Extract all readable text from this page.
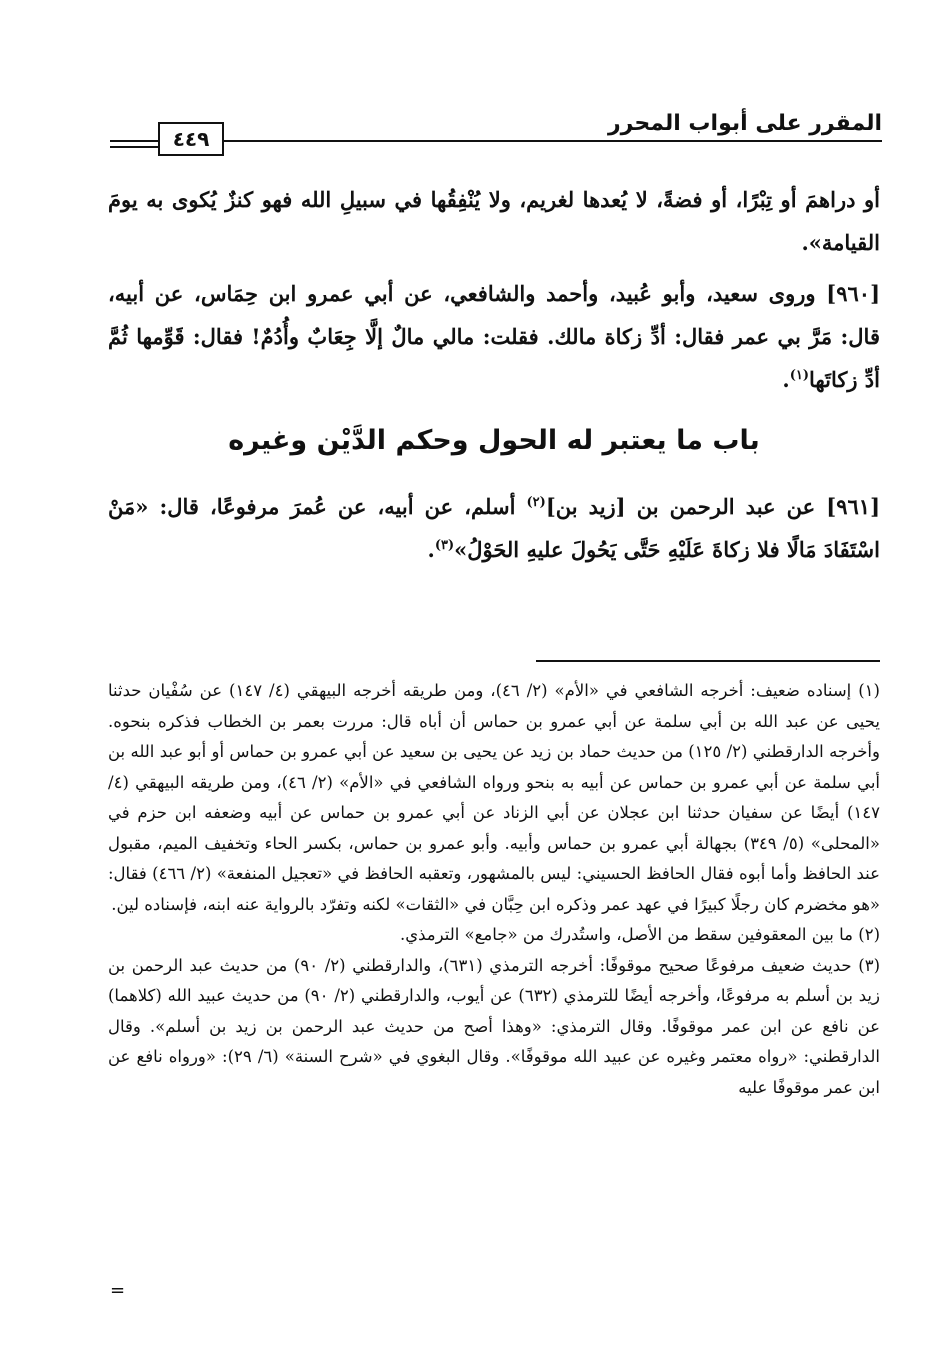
٤٤٩
المقرر على أبواب المحرر

أو دراهمَ أو تِبْرًا، أو فضةً، لا يُعدها لغريم، ولا يُنْفِقُها في سبيلِ الله فهو كنزٌ يُكوى به يومَ القيامة».

[٩٦٠] وروى سعيد، وأبو عُبيد، وأحمد والشافعي، عن أبي عمرو ابن حِمَاس، عن أبيه، قال: مَرَّ بي عمر فقال: أدِّ زكاة مالك. فقلت: مالي مالٌ إلَّا جِعَابٌ وأُدُمٌ! فقال: قَوِّمها ثُمَّ أدِّ زكاتَها$^{(١)}$.

باب ما يعتبر له الحول وحكم الدَّيْن وغيره

[٩٦١] عن عبد الرحمن بن [زيد بن]$^{(٢)}$ أسلم، عن أبيه، عن عُمرَ مرفوعًا، قال: «مَنْ اسْتَفَادَ مَالًا فلا زكاةَ عَلَيْهِ حَتَّى يَحُولَ عليهِ الحَوْلُ»$^{(٣)}$.

(١) إسناده ضعيف: أخرجه الشافعي في «الأم» (٢/ ٤٦)، ومن طريقه أخرجه البيهقي (٤/ ١٤٧) عن سُفْيان حدثنا يحيى عن عبد الله بن أبي سلمة عن أبي عمرو بن حماس أن أباه قال: مررت بعمر بن الخطاب فذكره بنحوه. وأخرجه الدارقطني (٢/ ١٢٥) من حديث حماد بن زيد عن يحيى بن سعيد عن أبي عمرو بن حماس أو أبو عبد الله بن أبي سلمة عن أبي عمرو بن حماس عن أبيه به بنحو ورواه الشافعي في «الأم» (٢/ ٤٦)، ومن طريقه البيهقي (٤/ ١٤٧) أيضًا عن سفيان حدثنا ابن عجلان عن أبي الزناد عن أبي عمرو بن حماس عن أبيه وضعفه ابن حزم في «المحلى» (٥/ ٣٤٩) بجهالة أبي عمرو بن حماس وأبيه. وأبو عمرو بن حماس، بكسر الحاء وتخفيف الميم، مقبول عند الحافظ وأما أبوه فقال الحافظ الحسيني: ليس بالمشهور، وتعقبه الحافظ في «تعجيل المنفعة» (٢/ ٤٦٦) فقال: «هو مخضرم كان رجلًا كبيرًا في عهد عمر وذكره ابن حِبَّان في «الثقات» لكنه وتفرّد بالرواية عنه ابنه، فإسناده لين.

(٢) ما بين المعقوفين سقط من الأصل، واستُدرك من «جامع» الترمذي.

(٣) حديث ضعيف مرفوعًا صحيح موقوفًا: أخرجه الترمذي (٦٣١)، والدارقطني (٢/ ٩٠) من حديث عبد الرحمن بن زيد بن أسلم به مرفوعًا، وأخرجه أيضًا للترمذي (٦٣٢) عن أيوب، والدارقطني (٢/ ٩٠) من حديث عبيد الله (كلاهما) عن نافع عن ابن عمر موقوفًا. وقال الترمذي: «وهذا أصح من حديث عبد الرحمن بن زيد بن أسلم». وقال الدارقطني: «رواه معتمر وغيره عن عبيد الله موقوفًا». وقال البغوي في «شرح السنة» (٦/ ٢٩): «ورواه نافع عن ابن عمر موقوفًا عليه

=
